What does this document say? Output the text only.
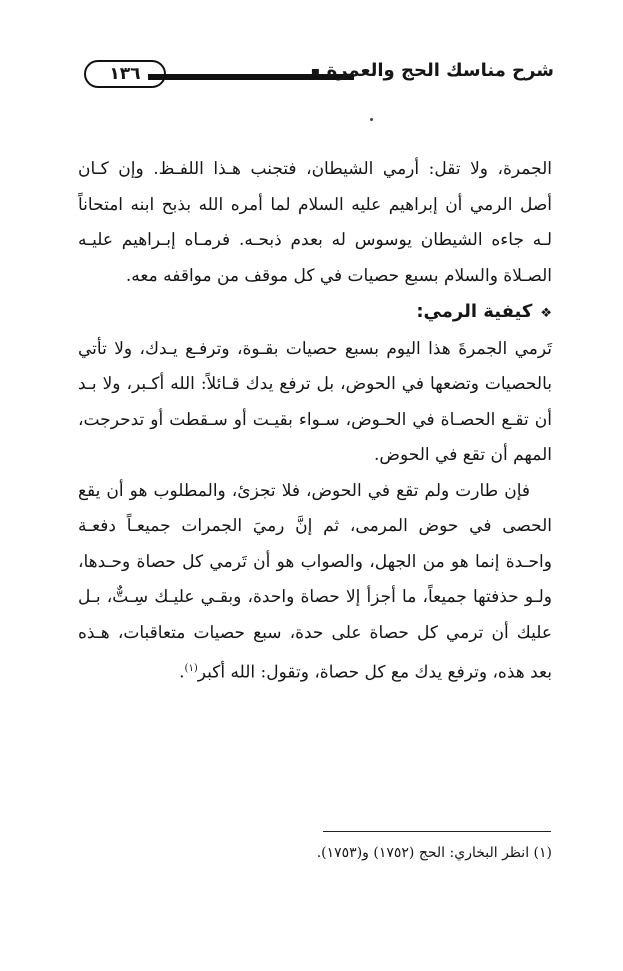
١٣٦	شرح مناسك الحج والعمرة ▪

الجمرة، ولا تقل: أرمي الشيطان، فتجنب هـذا اللفـظ. وإن كـان أصل الرمي أن إبراهيم عليه السلام لما أمره الله بذبح ابنه امتحاناً لـه جاءه الشيطان يوسوس له بعدم ذبحـه. فرمـاه إبـراهيم عليـه الصـلاة والسلام بسبع حصيات في كل موقف من مواقفه معه.

❖كيفية الرمي:

تَرمي الجمرةَ هذا اليوم بسبع حصيات بقـوة، وترفـع يـدك، ولا تأتي بالحصيات وتضعها في الحوض، بل ترفع يدك قـائلاً: الله أكـبر، ولا بـد أن تقـع الحصـاة في الحـوض، سـواء بقيـت أو سـقطت أو تدحرجت، المهم أن تقع في الحوض.

فإن طارت ولم تقع في الحوض، فلا تجزئ، والمطلوب هو أن يقع الحصى في حوض المرمى، ثم إنَّ رميَ الجمرات جميعـاً دفعـة واحـدة إنما هو من الجهل، والصواب هو أن تَرمي كل حصاة وحـدها، ولـو حذفتها جميعاً، ما أجزأ إلا حصاة واحدة، وبقـي عليـك سِـتٌّ، بـل عليك أن ترمي كل حصاة على حدة، سبع حصيات متعاقبات، هـذه بعد هذه، وترفع يدك مع كل حصاة، وتقول: الله أكبر$^{(١)}$.

(١) انظر البخاري: الحج (١٧٥٢) و(١٧٥٣).
